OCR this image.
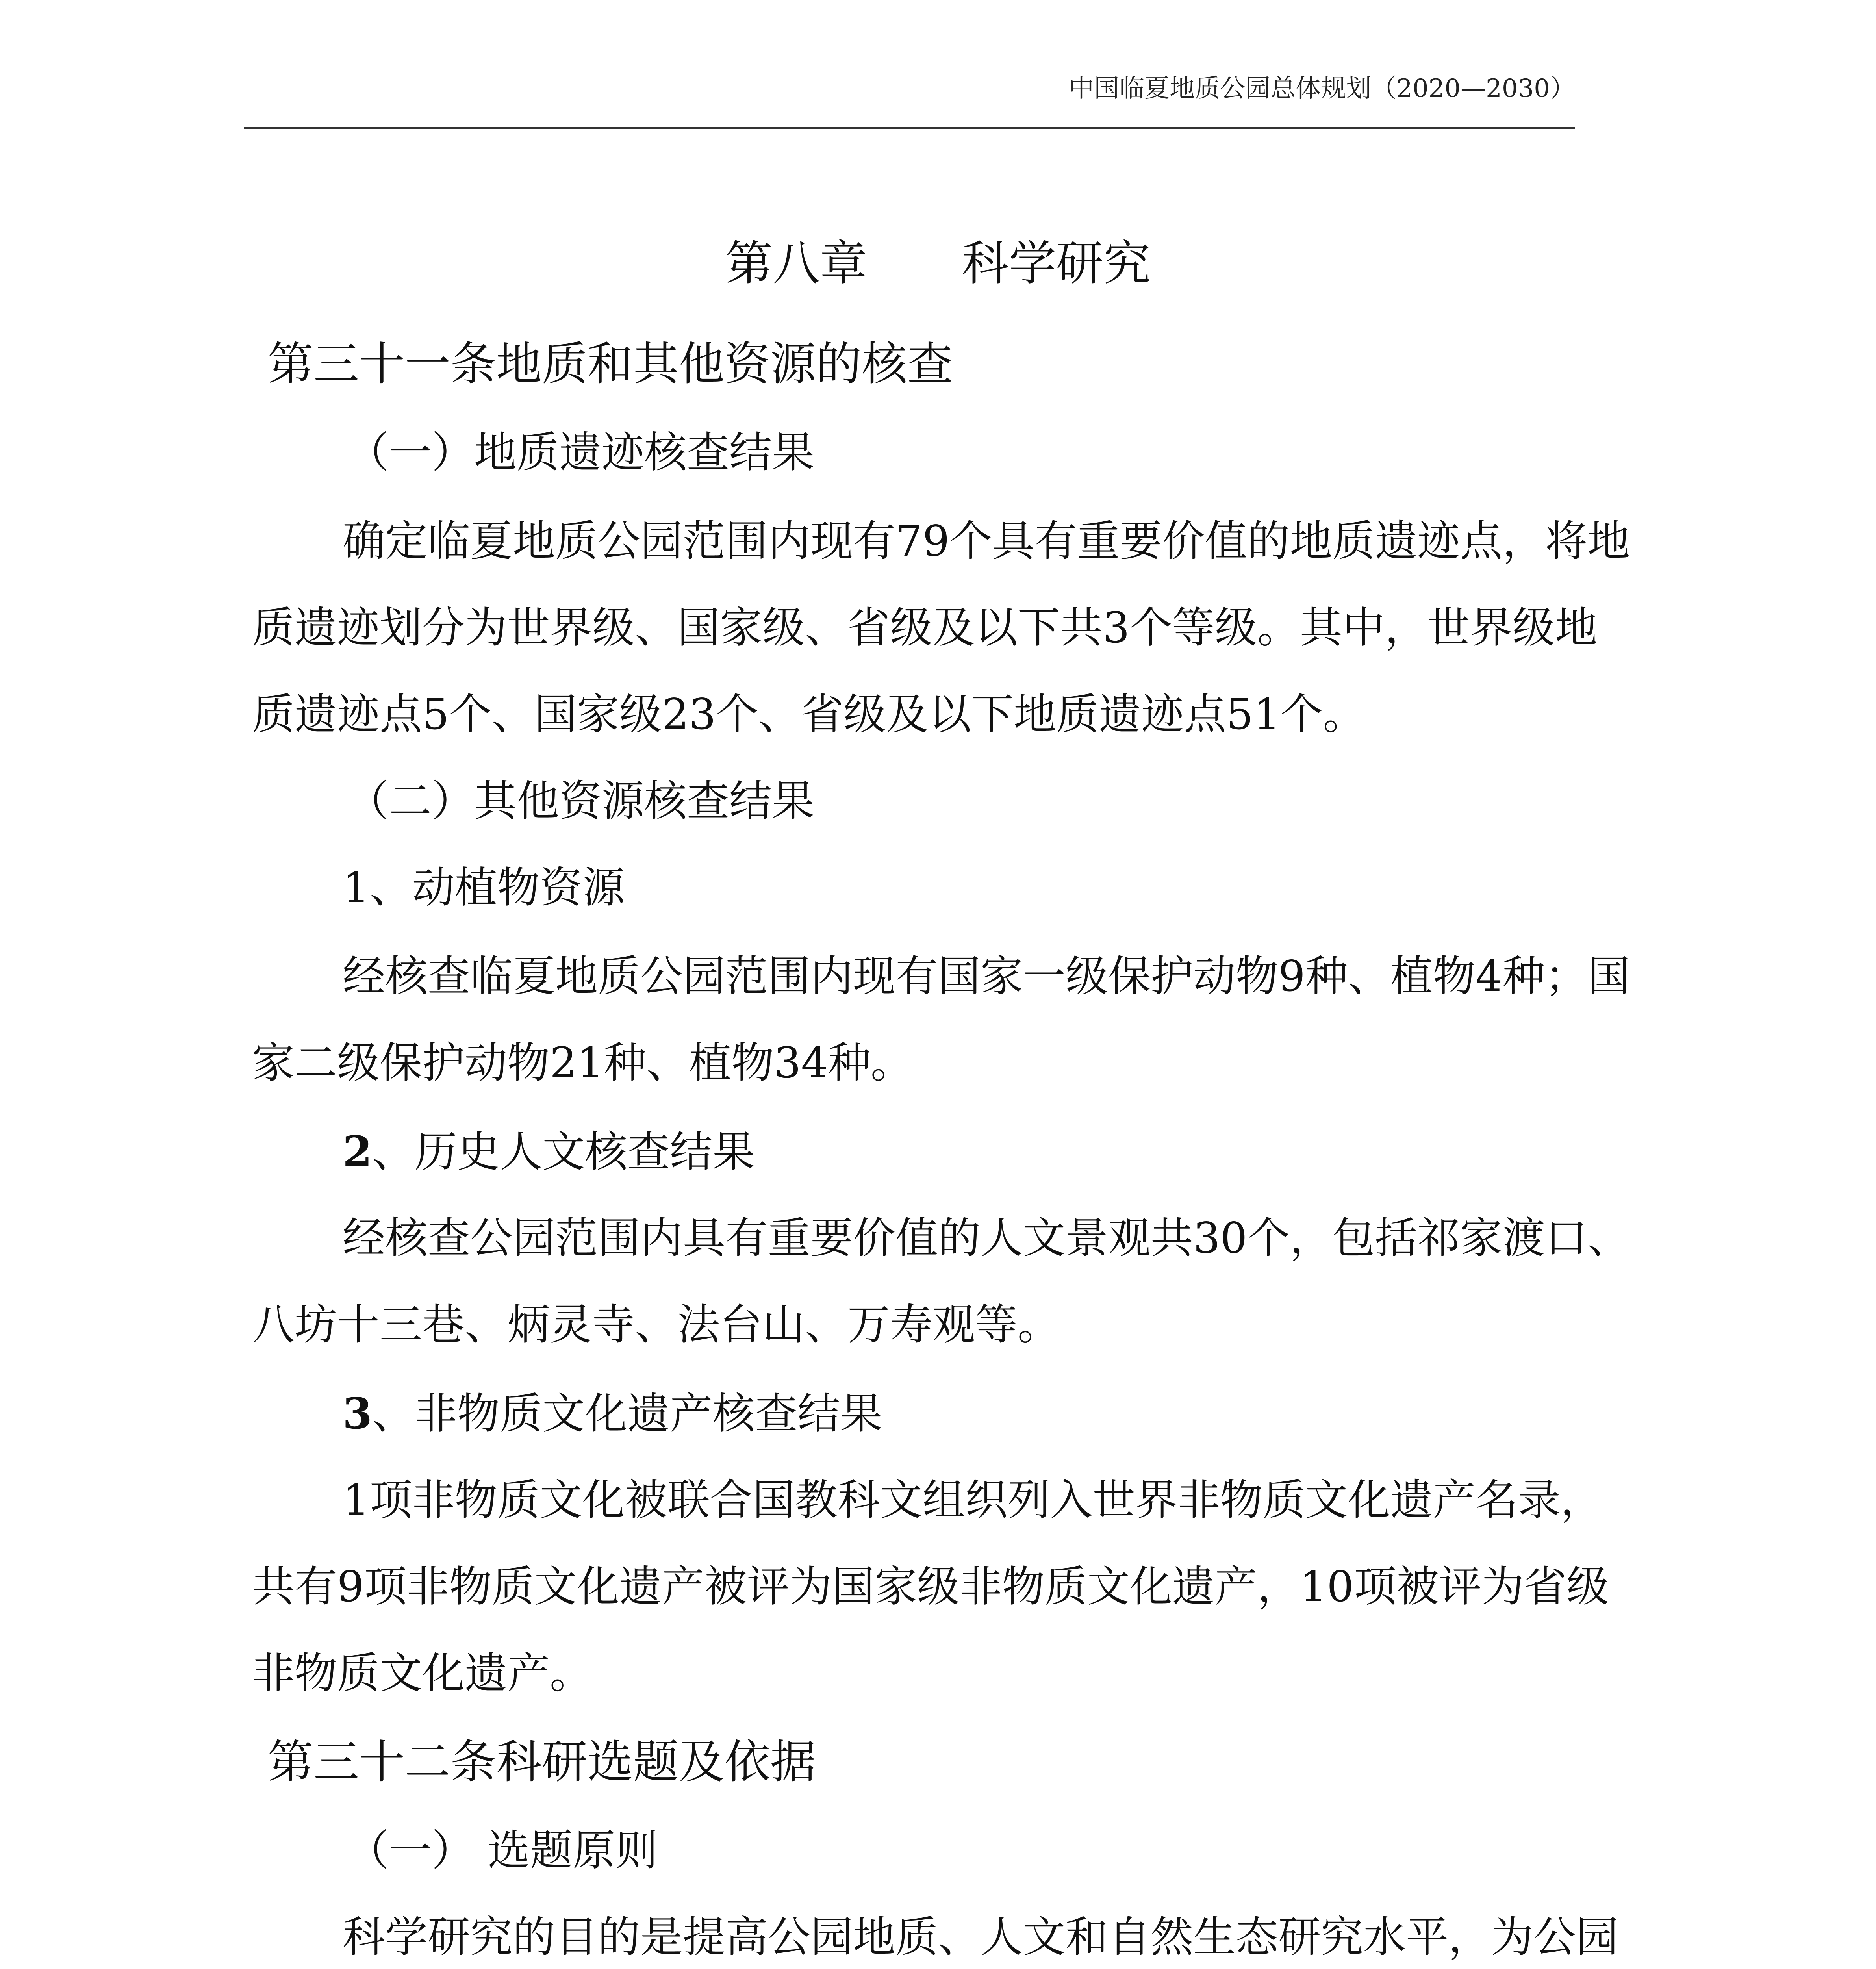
中国临夏地质公园总体规划（2020—2030）
第八章　　科学研究
第三十一条地质和其他资源的核查
（一）地质遗迹核查结果
确定临夏地质公园范围内现有79个具有重要价值的地质遗迹点，将地
质遗迹划分为世界级、国家级、省级及以下共3个等级。其中，世界级地
质遗迹点5个、国家级23个、省级及以下地质遗迹点51个。
（二）其他资源核查结果
1、动植物资源
经核查临夏地质公园范围内现有国家一级保护动物9种、植物4种；国
家二级保护动物21种、植物34种。
2、历史人文核查结果
经核查公园范围内具有重要价值的人文景观共30个，包括祁家渡口、
八坊十三巷、炳灵寺、法台山、万寿观等。
3、非物质文化遗产核查结果
1项非物质文化被联合国教科文组织列入世界非物质文化遗产名录，
共有9项非物质文化遗产被评为国家级非物质文化遗产，10项被评为省级
非物质文化遗产。
第三十二条科研选题及依据
（一） 选题原则
科学研究的目的是提高公园地质、人文和自然生态研究水平，为公园
